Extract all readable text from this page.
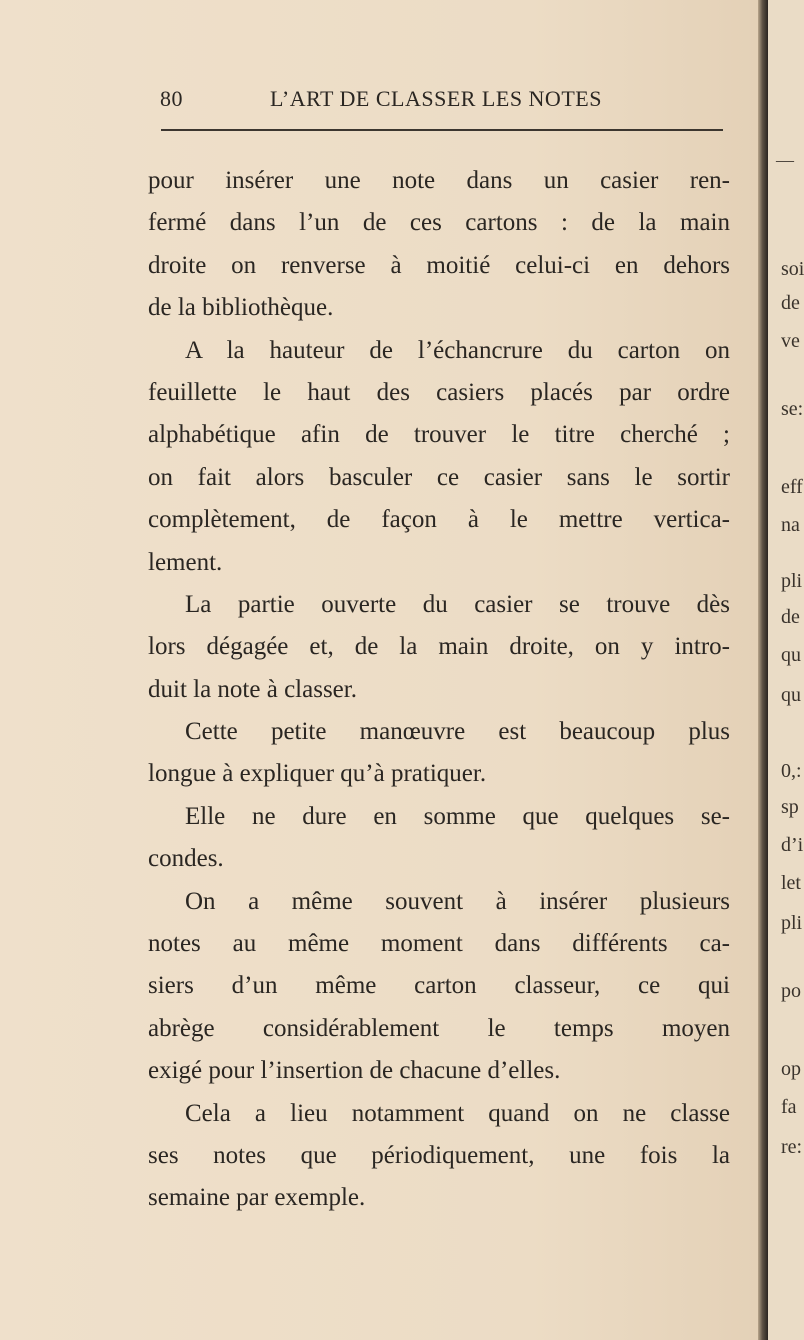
80	L’ART DE CLASSER LES NOTES
pour insérer une note dans un casier ren-
fermé dans l’un de ces cartons : de la main
droite on renverse à moitié celui-ci en dehors
de la bibliothèque.
A la hauteur de l’échancrure du carton on
feuillette le haut des casiers placés par ordre
alphabétique afin de trouver le titre cherché ;
on fait alors basculer ce casier sans le sortir
complètement, de façon à le mettre vertica-
lement.
La partie ouverte du casier se trouve dès
lors dégagée et, de la main droite, on y intro-
duit la note à classer.
Cette petite manœuvre est beaucoup plus
longue à expliquer qu’à pratiquer.
Elle ne dure en somme que quelques se-
condes.
On a même souvent à insérer plusieurs
notes au même moment dans différents ca-
siers d’un même carton classeur, ce qui
abrège considérablement le temps moyen
exigé pour l’insertion de chacune d’elles.
Cela a lieu notamment quand on ne classe
ses notes que périodiquement, une fois la
semaine par exemple.
—
soi
de
ve
se:
eff
na
pli
de
qu
qu
0,:
sp
d’i
let
pli
po
op
fa
re:
